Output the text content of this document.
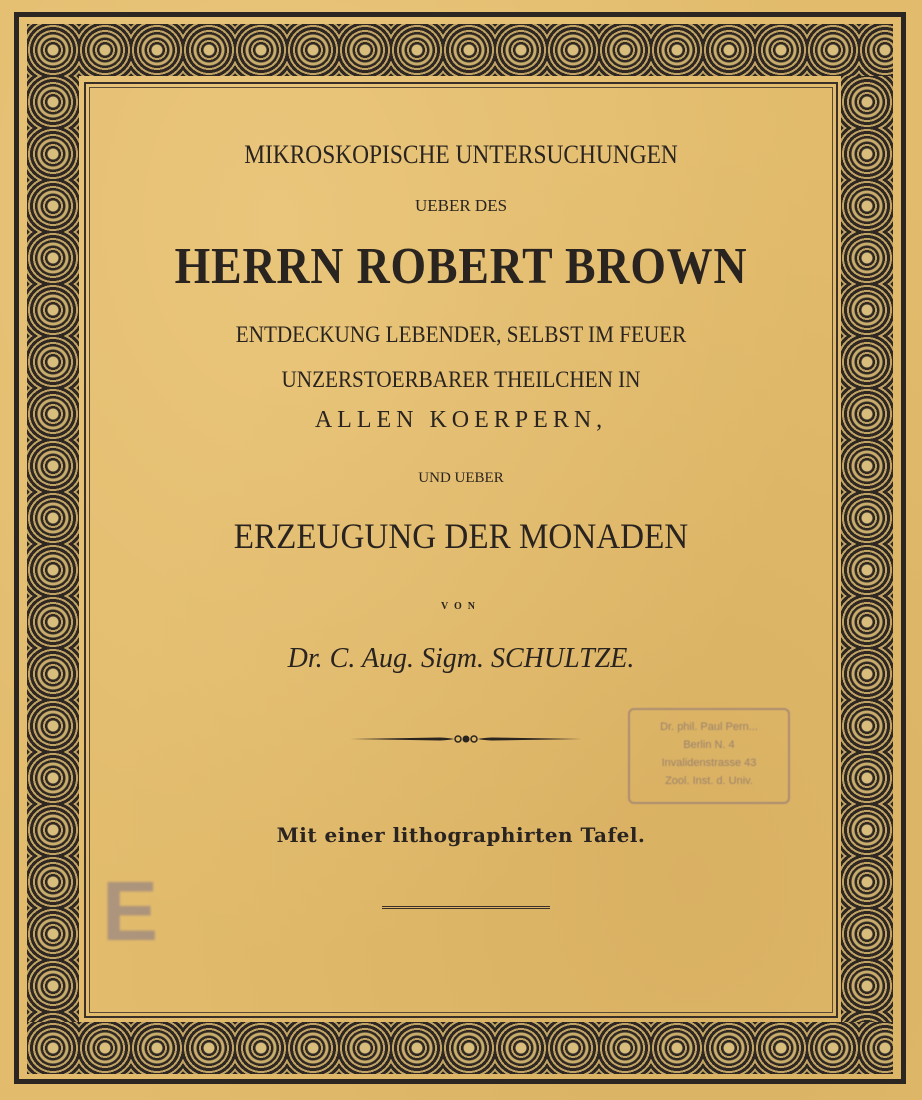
MIKROSKOPISCHE UNTERSUCHUNGEN
UEBER DES
HERRN ROBERT BROWN
ENTDECKUNG LEBENDER, SELBST IM FEUER
UNZERSTOERBARER THEILCHEN IN
ALLEN KOERPERN,
UND UEBER
ERZEUGUNG DER MONADEN
VON
Dr. C. Aug. Sigm. SCHULTZE.
Dr. phil. Paul Pern...
Berlin N. 4
Invalidenstrasse 43
Zool. Inst. d. Univ.
Mit einer lithographirten Tafel.
E
